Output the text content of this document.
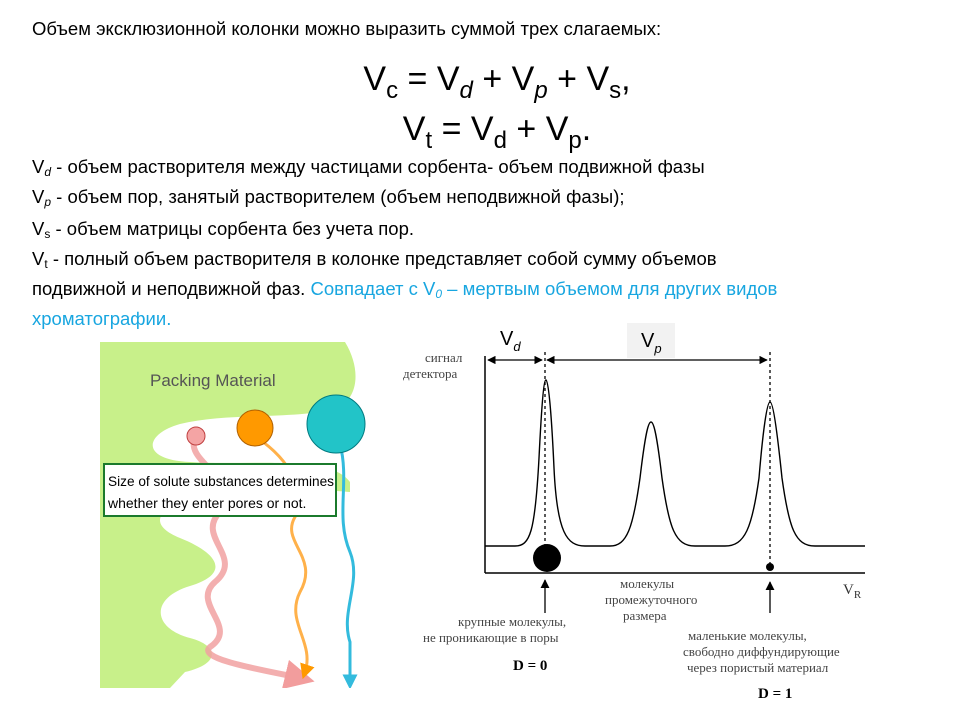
Объем эксклюзионной колонки можно выразить суммой трех слагаемых:
$V_c = V_d + V_p + V_s$,
$V_t = V_d + V_p$.
$V_d$ - объем растворителя между частицами сорбента- объем подвижной фазы
$V_p$ - объем пор, занятый растворителем (объем неподвижной фазы);
$V_s$ - объем матрицы сорбента без учета пор.
$V_t$ - полный объем растворителя в колонке представляет собой сумму объемов
подвижной и неподвижной фаз. Совпадает с $V_0$ – мертвым объемом для других видов
хроматографии.
Packing Material
Size of solute substances determines
whether they enter pores or not.
$V_d$	$V_p$
сигнал
детектора
$V_R$
молекулы
промежуточного
размера
крупные молекулы,
не проникающие в поры
D = 0
маленькие молекулы,
свободно диффундирующие
через пористый материал
D = 1
